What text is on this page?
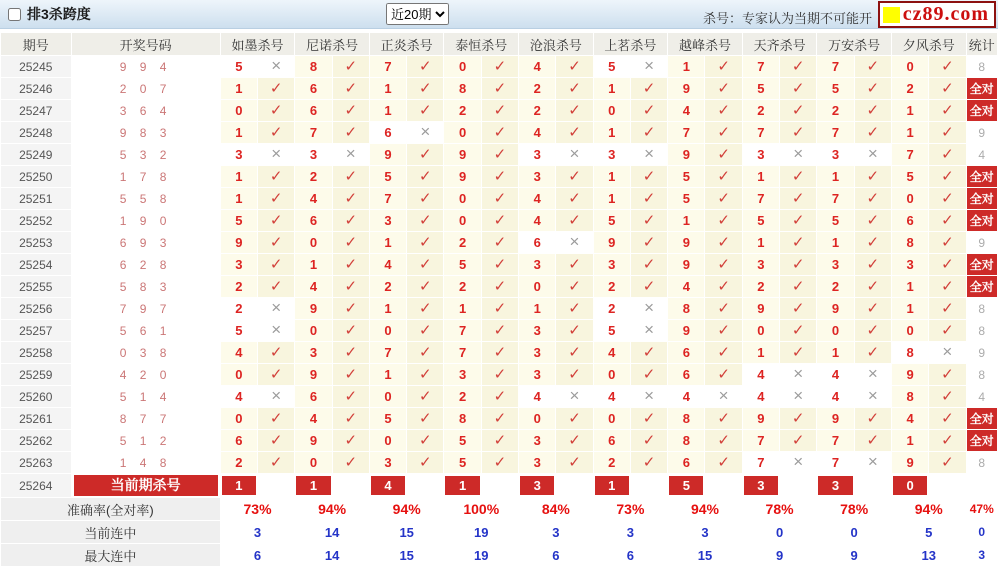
排3杀跨度
近20期	杀号：专家认为当期不可能开 cz89.com
期号	开奖号码	如墨杀号		尼诺杀号		正炎杀号		泰恒杀号		沧浪杀号		上茗杀号		越峰杀号		天齐杀号		万安杀号		夕风杀号		统计
25245	9 9 4	5	×	8	✓	7	✓	0	✓	4	✓	5	×	1	✓	7	✓	7	✓	0	✓	8
25246	2 0 7	1	✓	6	✓	1	✓	8	✓	2	✓	1	✓	9	✓	5	✓	5	✓	2	✓	全对
25247	3 6 4	0	✓	6	✓	1	✓	2	✓	2	✓	0	✓	4	✓	2	✓	2	✓	1	✓	全对
25248	9 8 3	1	✓	7	✓	6	×	0	✓	4	✓	1	✓	7	✓	7	✓	7	✓	1	✓	9
25249	5 3 2	3	×	3	×	9	✓	9	✓	3	×	3	×	9	✓	3	×	3	×	7	✓	4
25250	1 7 8	1	✓	2	✓	5	✓	9	✓	3	✓	1	✓	5	✓	1	✓	1	✓	5	✓	全对
25251	5 5 8	1	✓	4	✓	7	✓	0	✓	4	✓	1	✓	5	✓	7	✓	7	✓	0	✓	全对
25252	1 9 0	5	✓	6	✓	3	✓	0	✓	4	✓	5	✓	1	✓	5	✓	5	✓	6	✓	全对
25253	6 9 3	9	✓	0	✓	1	✓	2	✓	6	×	9	✓	9	✓	1	✓	1	✓	8	✓	9
25254	6 2 8	3	✓	1	✓	4	✓	5	✓	3	✓	3	✓	9	✓	3	✓	3	✓	3	✓	全对
25255	5 8 3	2	✓	4	✓	2	✓	2	✓	0	✓	2	✓	4	✓	2	✓	2	✓	1	✓	全对
25256	7 9 7	2	×	9	✓	1	✓	1	✓	1	✓	2	×	8	✓	9	✓	9	✓	1	✓	8
25257	5 6 1	5	×	0	✓	0	✓	7	✓	3	✓	5	×	9	✓	0	✓	0	✓	0	✓	8
25258	0 3 8	4	✓	3	✓	7	✓	7	✓	3	✓	4	✓	6	✓	1	✓	1	✓	8	×	9
25259	4 2 0	0	✓	9	✓	1	✓	3	✓	3	✓	0	✓	6	✓	4	×	4	×	9	✓	8
25260	5 1 4	4	×	6	✓	0	✓	2	✓	4	×	4	×	4	×	4	×	4	×	8	✓	4
25261	8 7 7	0	✓	4	✓	5	✓	8	✓	0	✓	0	✓	8	✓	9	✓	9	✓	4	✓	全对
25262	5 1 2	6	✓	9	✓	0	✓	5	✓	3	✓	6	✓	8	✓	7	✓	7	✓	1	✓	全对
25263	1 4 8	2	✓	0	✓	3	✓	5	✓	3	✓	2	✓	6	✓	7	×	7	×	9	✓	8
25264	当前期杀号	1		1		4		1		3		1		5		3		3		0		

准确率(全对率)		73%		94%		94%		100%		84%		73%		94%		78%		78%		94%		47%
当前连中		3		14		15		19		3		3		3		0		0		5		0
最大连中		6		14		15		19		6		6		15		9		9		13		3
